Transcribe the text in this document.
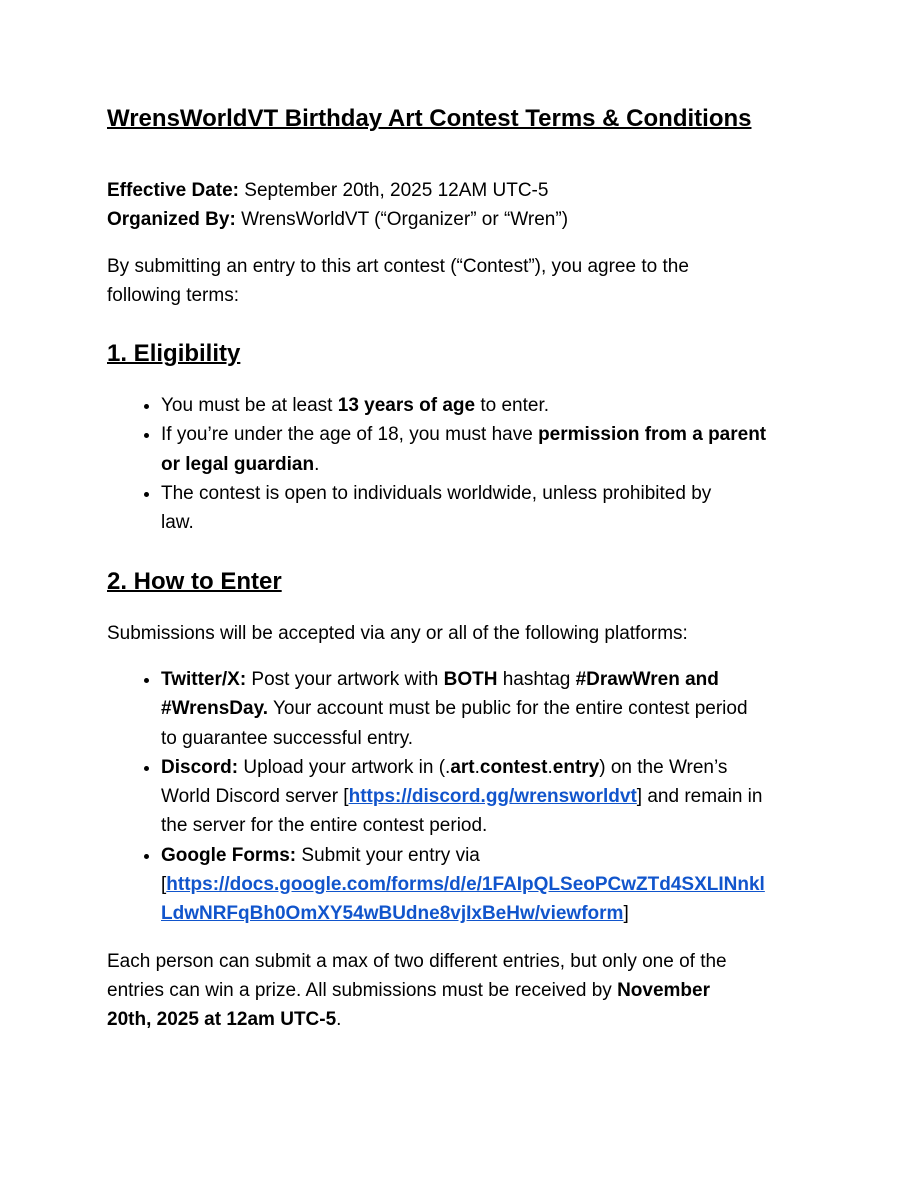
WrensWorldVT Birthday Art Contest Terms & Conditions
Effective Date: September 20th, 2025 12AM UTC-5
Organized By: WrensWorldVT (“Organizer” or “Wren”)
By submitting an entry to this art contest (“Contest”), you agree to the
following terms:
1. Eligibility
• You must be at least 13 years of age to enter.
• If you’re under the age of 18, you must have permission from a parent
or legal guardian.
• The contest is open to individuals worldwide, unless prohibited by
law.
2. How to Enter
Submissions will be accepted via any or all of the following platforms:
• Twitter/X: Post your artwork with BOTH hashtag #DrawWren and
#WrensDay. Your account must be public for the entire contest period
to guarantee successful entry.
• Discord: Upload your artwork in (.art.contest.entry) on the Wren’s
World Discord server [https://discord.gg/wrensworldvt] and remain in
the server for the entire contest period.
• Google Forms: Submit your entry via
[https://docs.google.com/forms/d/e/1FAIpQLSeoPCwZTd4SXLINnkl
LdwNRFqBh0OmXY54wBUdne8vjIxBeHw/viewform]
Each person can submit a max of two different entries, but only one of the
entries can win a prize. All submissions must be received by November
20th, 2025 at 12am UTC-5.
